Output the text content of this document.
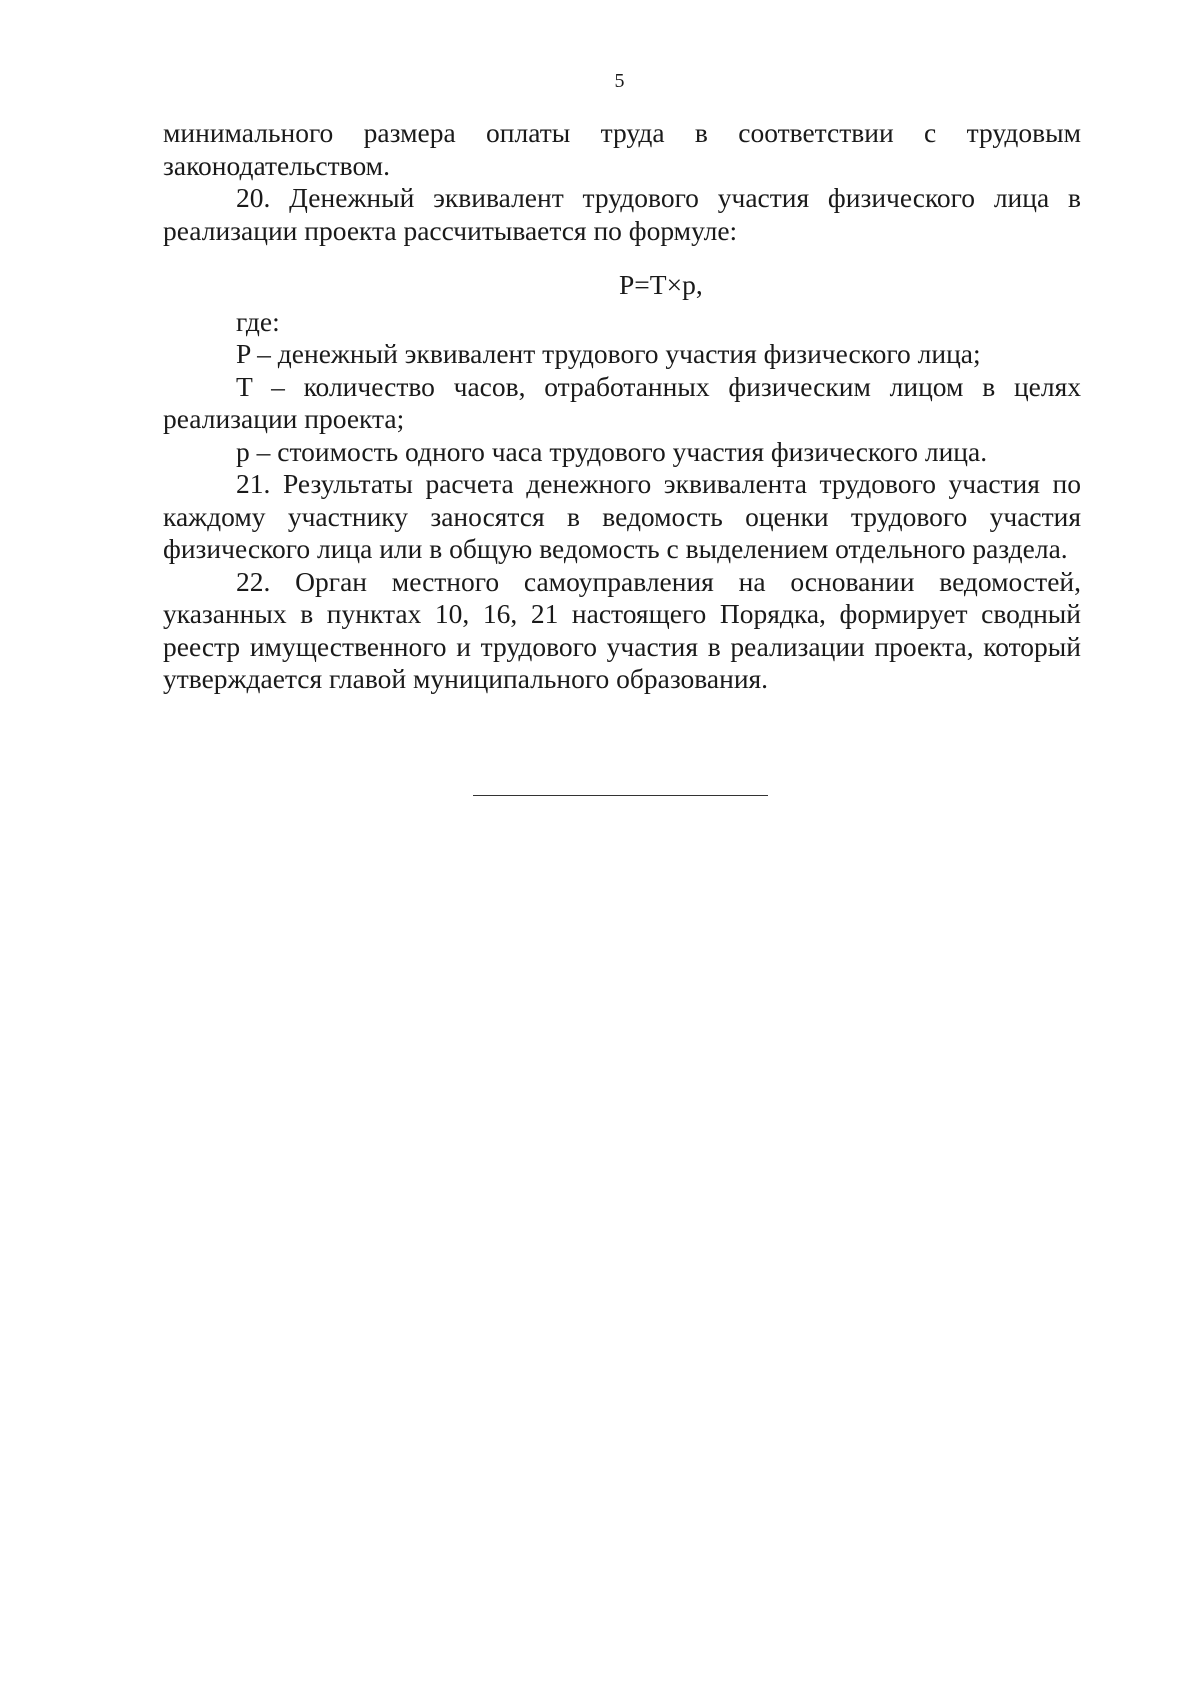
5

минимального размера оплаты труда в соответствии с трудовым законодательством.

20. Денежный эквивалент трудового участия физического лица в реализации проекта рассчитывается по формуле:

P=T×p,

где:

P – денежный эквивалент трудового участия физического лица;

T – количество часов, отработанных физическим лицом в целях реализации проекта;

p – стоимость одного часа трудового участия физического лица.

21. Результаты расчета денежного эквивалента трудового участия по каждому участнику заносятся в ведомость оценки трудового участия физического лица или в общую ведомость с выделением отдельного раздела.

22. Орган местного самоуправления на основании ведомостей, указанных в пунктах 10, 16, 21 настоящего Порядка, формирует сводный реестр имущественного и трудового участия в реализации проекта, который утверждается главой муниципального образования.
